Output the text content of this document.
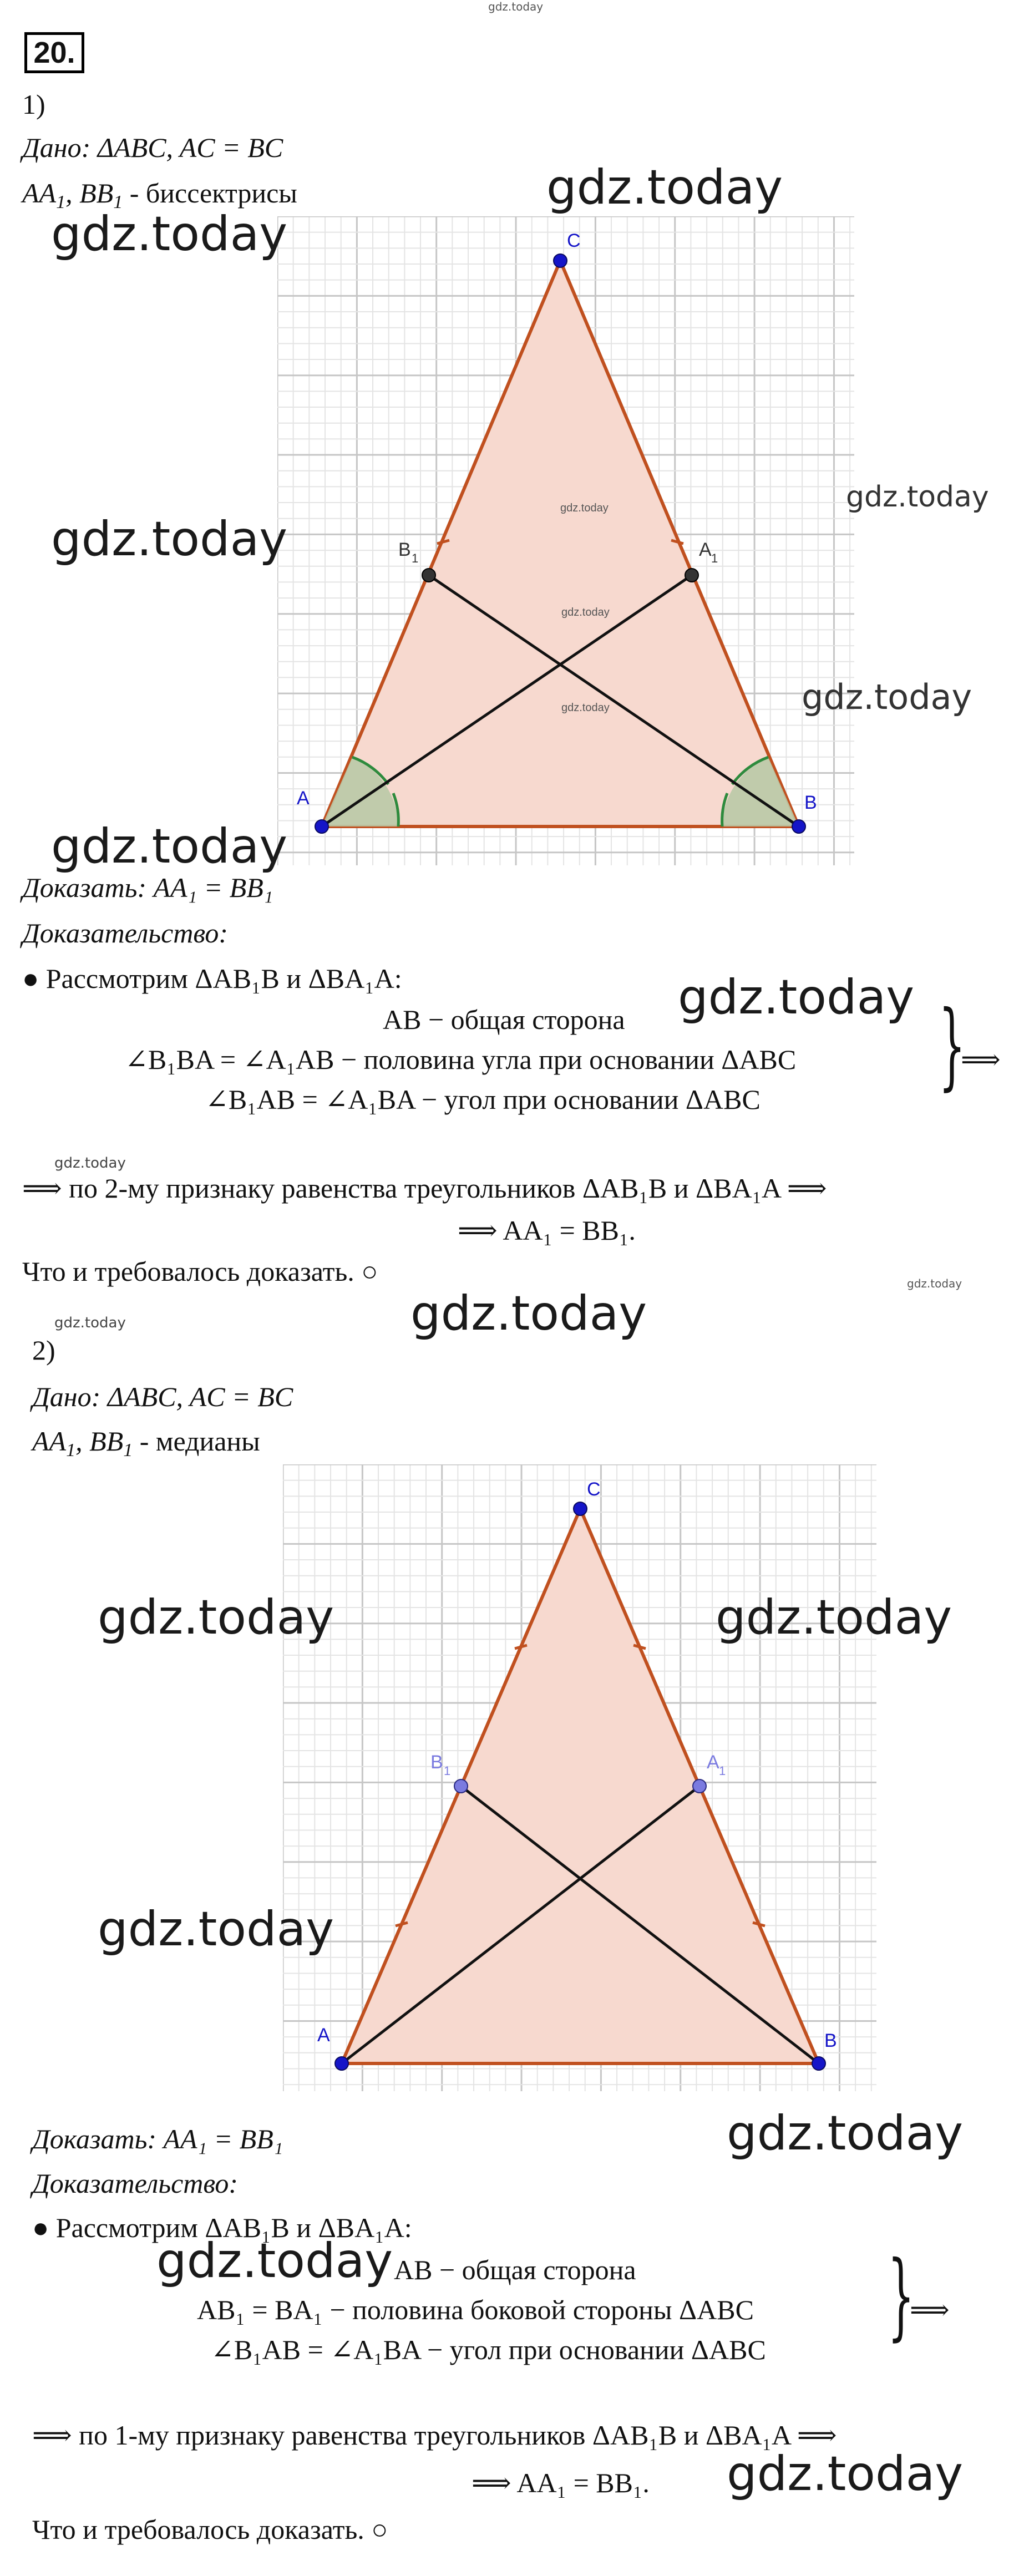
gdz.today
20.
1)
Дано: ΔABC, AC = BC
$AA_1$, $BB_1$ - биссектрисы
A	B
C
A 1
B 1
gdz.today
gdz.today
gdz.today
gdz.today
gdz.today
gdz.today
gdz.today
gdz.today
gdz.today
Доказать: AA₁ = BB₁
Доказательство:
● Рассмотрим ΔAB₁B и ΔBA₁A:	gdz.today
AB − общая сторона
∠B₁BA = ∠A₁AB − половина угла при основании ΔABC
∠B₁AB = ∠A₁BA − угол при основании ΔABC }
⟹
gdz.today
⟹ по 2-му признаку равенства треугольников ΔAB₁B и ΔBA₁A ⟹
⟹ AA₁ = BB₁.
Что и требовалось доказать. ○
gdz.today
gdz.today
gdz.today
2)
Дано: ΔABC, AC = BC
$AA_1$, $BB_1$ - медианы
A	B
C
A 1
B 1
gdz.today	gdz.today
gdz.today
gdz.today
Доказать: AA₁ = BB₁
Доказательство:
● Рассмотрим ΔAB₁B и ΔBA₁A:
gdz.today AB − общая сторона
AB₁ = BA₁ − половина боковой стороны ΔABC
∠B₁AB = ∠A₁BA − угол при основании ΔABC }
⟹
⟹ по 1-му признаку равенства треугольников ΔAB₁B и ΔBA₁A ⟹
⟹ AA₁ = BB₁. gdz.today
Что и требовалось доказать. ○
